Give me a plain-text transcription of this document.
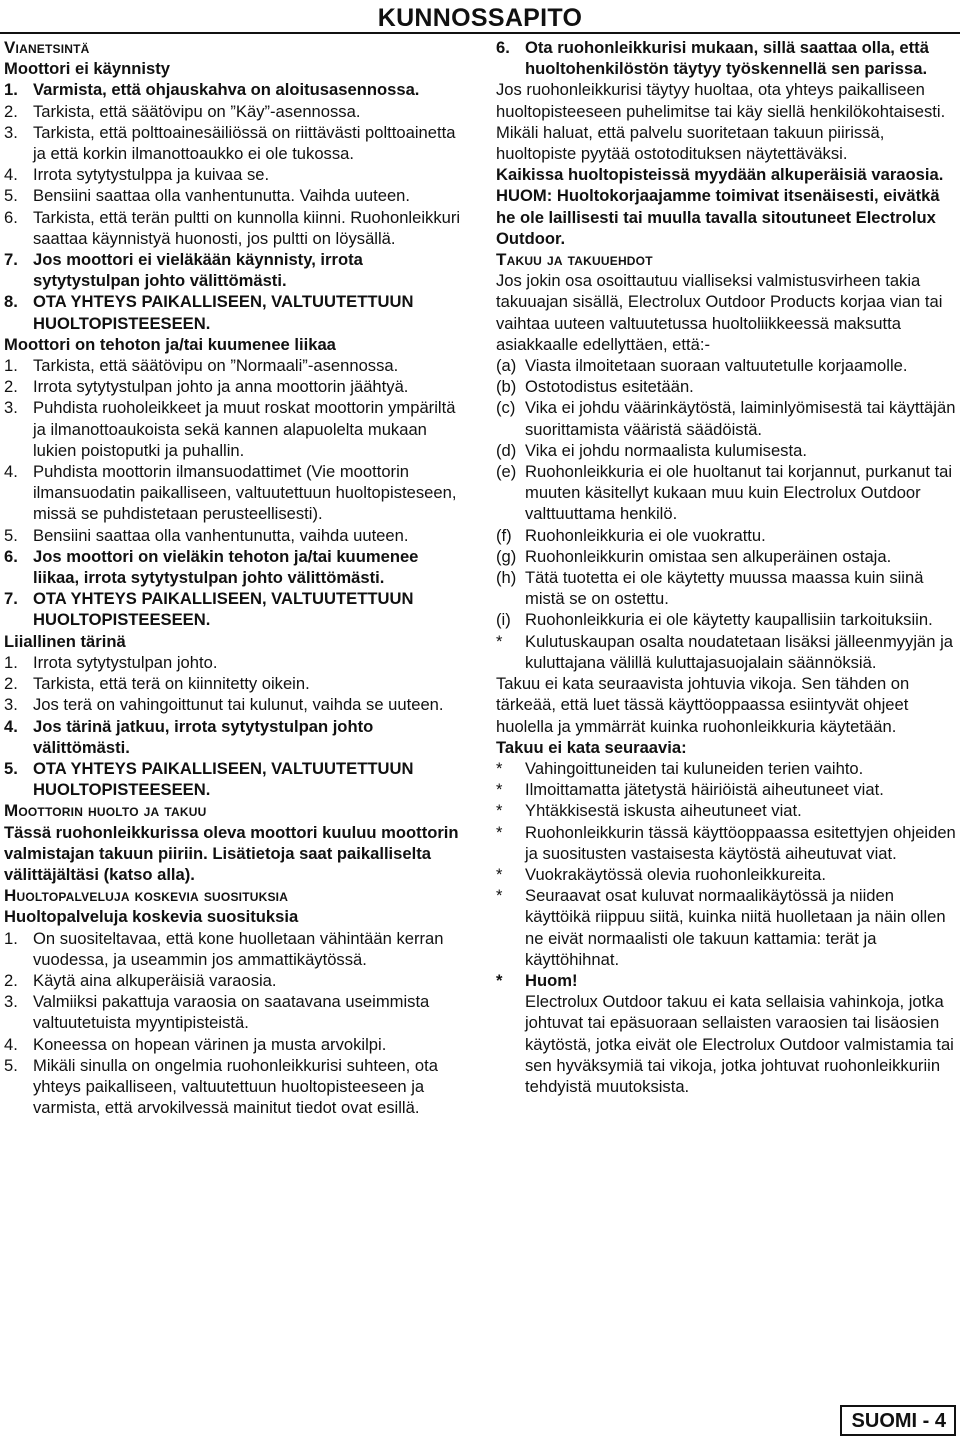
KUNNOSSAPITO
Vianetsintä
Moottori ei käynnisty
1. Varmista, että ohjauskahva on aloitusasennossa.
2. Tarkista, että säätövipu on ”Käy”-asennossa.
3. Tarkista, että polttoainesäiliössä on riittävästi polttoainetta ja että korkin ilmanottoaukko ei ole tukossa.
4. Irrota sytytystulppa ja kuivaa se.
5. Bensiini saattaa olla vanhentunutta. Vaihda uuteen.
6. Tarkista, että terän pultti on kunnolla kiinni. Ruohonleikkuri saattaa käynnistyä huonosti, jos pultti on löysällä.
7. Jos moottori ei vieläkään käynnisty, irrota sytytystulpan johto välittömästi.
8. OTA YHTEYS PAIKALLISEEN, VALTUUTETTUUN HUOLTOPISTEESEEN.
Moottori on tehoton ja/tai kuumenee liikaa
1. Tarkista, että säätövipu on ”Normaali”-asennossa.
2. Irrota sytytystulpan johto ja anna moottorin jäähtyä.
3. Puhdista ruoholeikkeet ja muut roskat moottorin ympäriltä ja ilmanottoaukoista sekä kannen alapuolelta mukaan lukien poistoputki ja puhallin.
4. Puhdista moottorin ilmansuodattimet (Vie moottorin ilmansuodatin paikalliseen, valtuutettuun huoltopisteseen, missä se puhdistetaan perusteellisesti).
5. Bensiini saattaa olla vanhentunutta, vaihda uuteen.
6. Jos moottori on vieläkin tehoton ja/tai kuumenee liikaa, irrota sytytystulpan johto välittömästi.
7. OTA YHTEYS PAIKALLISEEN, VALTUUTETTUUN HUOLTOPISTEESEEN.
Liiallinen tärinä
1. Irrota sytytystulpan johto.
2. Tarkista, että terä on kiinnitetty oikein.
3. Jos terä on vahingoittunut tai kulunut, vaihda se uuteen.
4. Jos tärinä jatkuu, irrota sytytystulpan johto välittömästi.
5. OTA YHTEYS PAIKALLISEEN, VALTUUTETTUUN HUOLTOPISTEESEEN.
Moottorin huolto ja takuu
Tässä ruohonleikkurissa oleva moottori kuuluu moottorin valmistajan takuun piiriin. Lisätietoja saat paikalliselta välittäjältäsi (katso alla).
Huoltopalveluja koskevia suosituksia
Huoltopalveluja koskevia suosituksia
1. On suositeltavaa, että kone huolletaan vähintään kerran vuodessa, ja useammin jos ammattikäytössä.
2. Käytä aina alkuperäisiä varaosia.
3. Valmiiksi pakattuja varaosia on saatavana useimmista valtuutetuista myyntipisteistä.
4. Koneessa on hopean värinen ja musta arvokilpi.
5. Mikäli sinulla on ongelmia ruohonleikkurisi suhteen, ota yhteys paikalliseen, valtuutettuun huoltopisteeseen ja varmista, että arvokilvessä mainitut tiedot ovat esillä.
6. Ota ruohonleikkurisi mukaan, sillä saattaa olla, että huoltohenkilöstön täytyy työskennellä sen parissa.
Jos ruohonleikkurisi täytyy huoltaa, ota yhteys paikalliseen huoltopisteeseen puhelimitse tai käy siellä henkilökohtaisesti. Mikäli haluat, että palvelu suoritetaan takuun piirissä, huoltopiste pyytää ostotodituksen näytettäväksi.
Kaikissa huoltopisteissä myydään alkuperäisiä varaosia. HUOM: Huoltokorjaajamme toimivat itsenäisesti, eivätkä he ole laillisesti tai muulla tavalla sitoutuneet Electrolux Outdoor.
Takuu ja takuuehdot
Jos jokin osa osoittautuu vialliseksi valmistusvirheen takia takuuajan sisällä, Electrolux Outdoor Products korjaa vian tai vaihtaa uuteen valtuutetussa huoltoliikkeessä maksutta asiakkaalle edellyttäen, että:-
(a) Viasta ilmoitetaan suoraan valtuutetulle korjaamolle.
(b) Ostotodistus esitetään.
(c) Vika ei johdu väärinkäytöstä, laiminlyömisestä tai käyttäjän suorittamista vääristä säädöistä.
(d) Vika ei johdu normaalista kulumisesta.
(e) Ruohonleikkuria ei ole huoltanut tai korjannut, purkanut tai muuten käsitellyt kukaan muu kuin Electrolux Outdoor valttuuttama henkilö.
(f) Ruohonleikkuria ei ole vuokrattu.
(g) Ruohonleikkurin omistaa sen alkuperäinen ostaja.
(h) Tätä tuotetta ei ole käytetty muussa maassa kuin siinä mistä se on ostettu.
(i) Ruohonleikkuria ei ole käytetty kaupallisiin tarkoituksiin.
*	Kulutuskaupan osalta noudatetaan lisäksi jälleenmyyjän ja kuluttajana välillä kuluttajasuojalain säännöksiä.
Takuu ei kata seuraavista johtuvia vikoja. Sen tähden on tärkeää, että luet tässä käyttöoppaassa esiintyvät ohjeet huolella ja ymmärrät kuinka ruohonleikkuria käytetään.
Takuu ei kata seuraavia:
*	Vahingoittuneiden tai kuluneiden terien vaihto.
*	Ilmoittamatta jätetystä häiriöistä aiheutuneet viat.
*	Yhtäkkisestä iskusta aiheutuneet viat.
*	Ruohonleikkurin tässä käyttöoppaassa esitettyjen ohjeiden ja suositusten vastaisesta käytöstä aiheutuvat viat.
*	Vuokrakäytössä olevia ruohonleikkureita.
*	Seuraavat osat kuluvat normaalikäytössä ja niiden käyttöikä riippuu siitä, kuinka niitä huolletaan ja näin ollen ne eivät normaalisti ole takuun kattamia: terät ja käyttöhihnat.
*	Huom!
Electrolux Outdoor takuu ei kata sellaisia vahinkoja, jotka johtuvat tai epäsuoraan sellaisten varaosien tai lisäosien käytöstä, jotka eivät ole Electrolux Outdoor valmistamia tai sen hyväksymiä tai vikoja, jotka johtuvat ruohonleikkuriin tehdyistä muutoksista.
SUOMI - 4
